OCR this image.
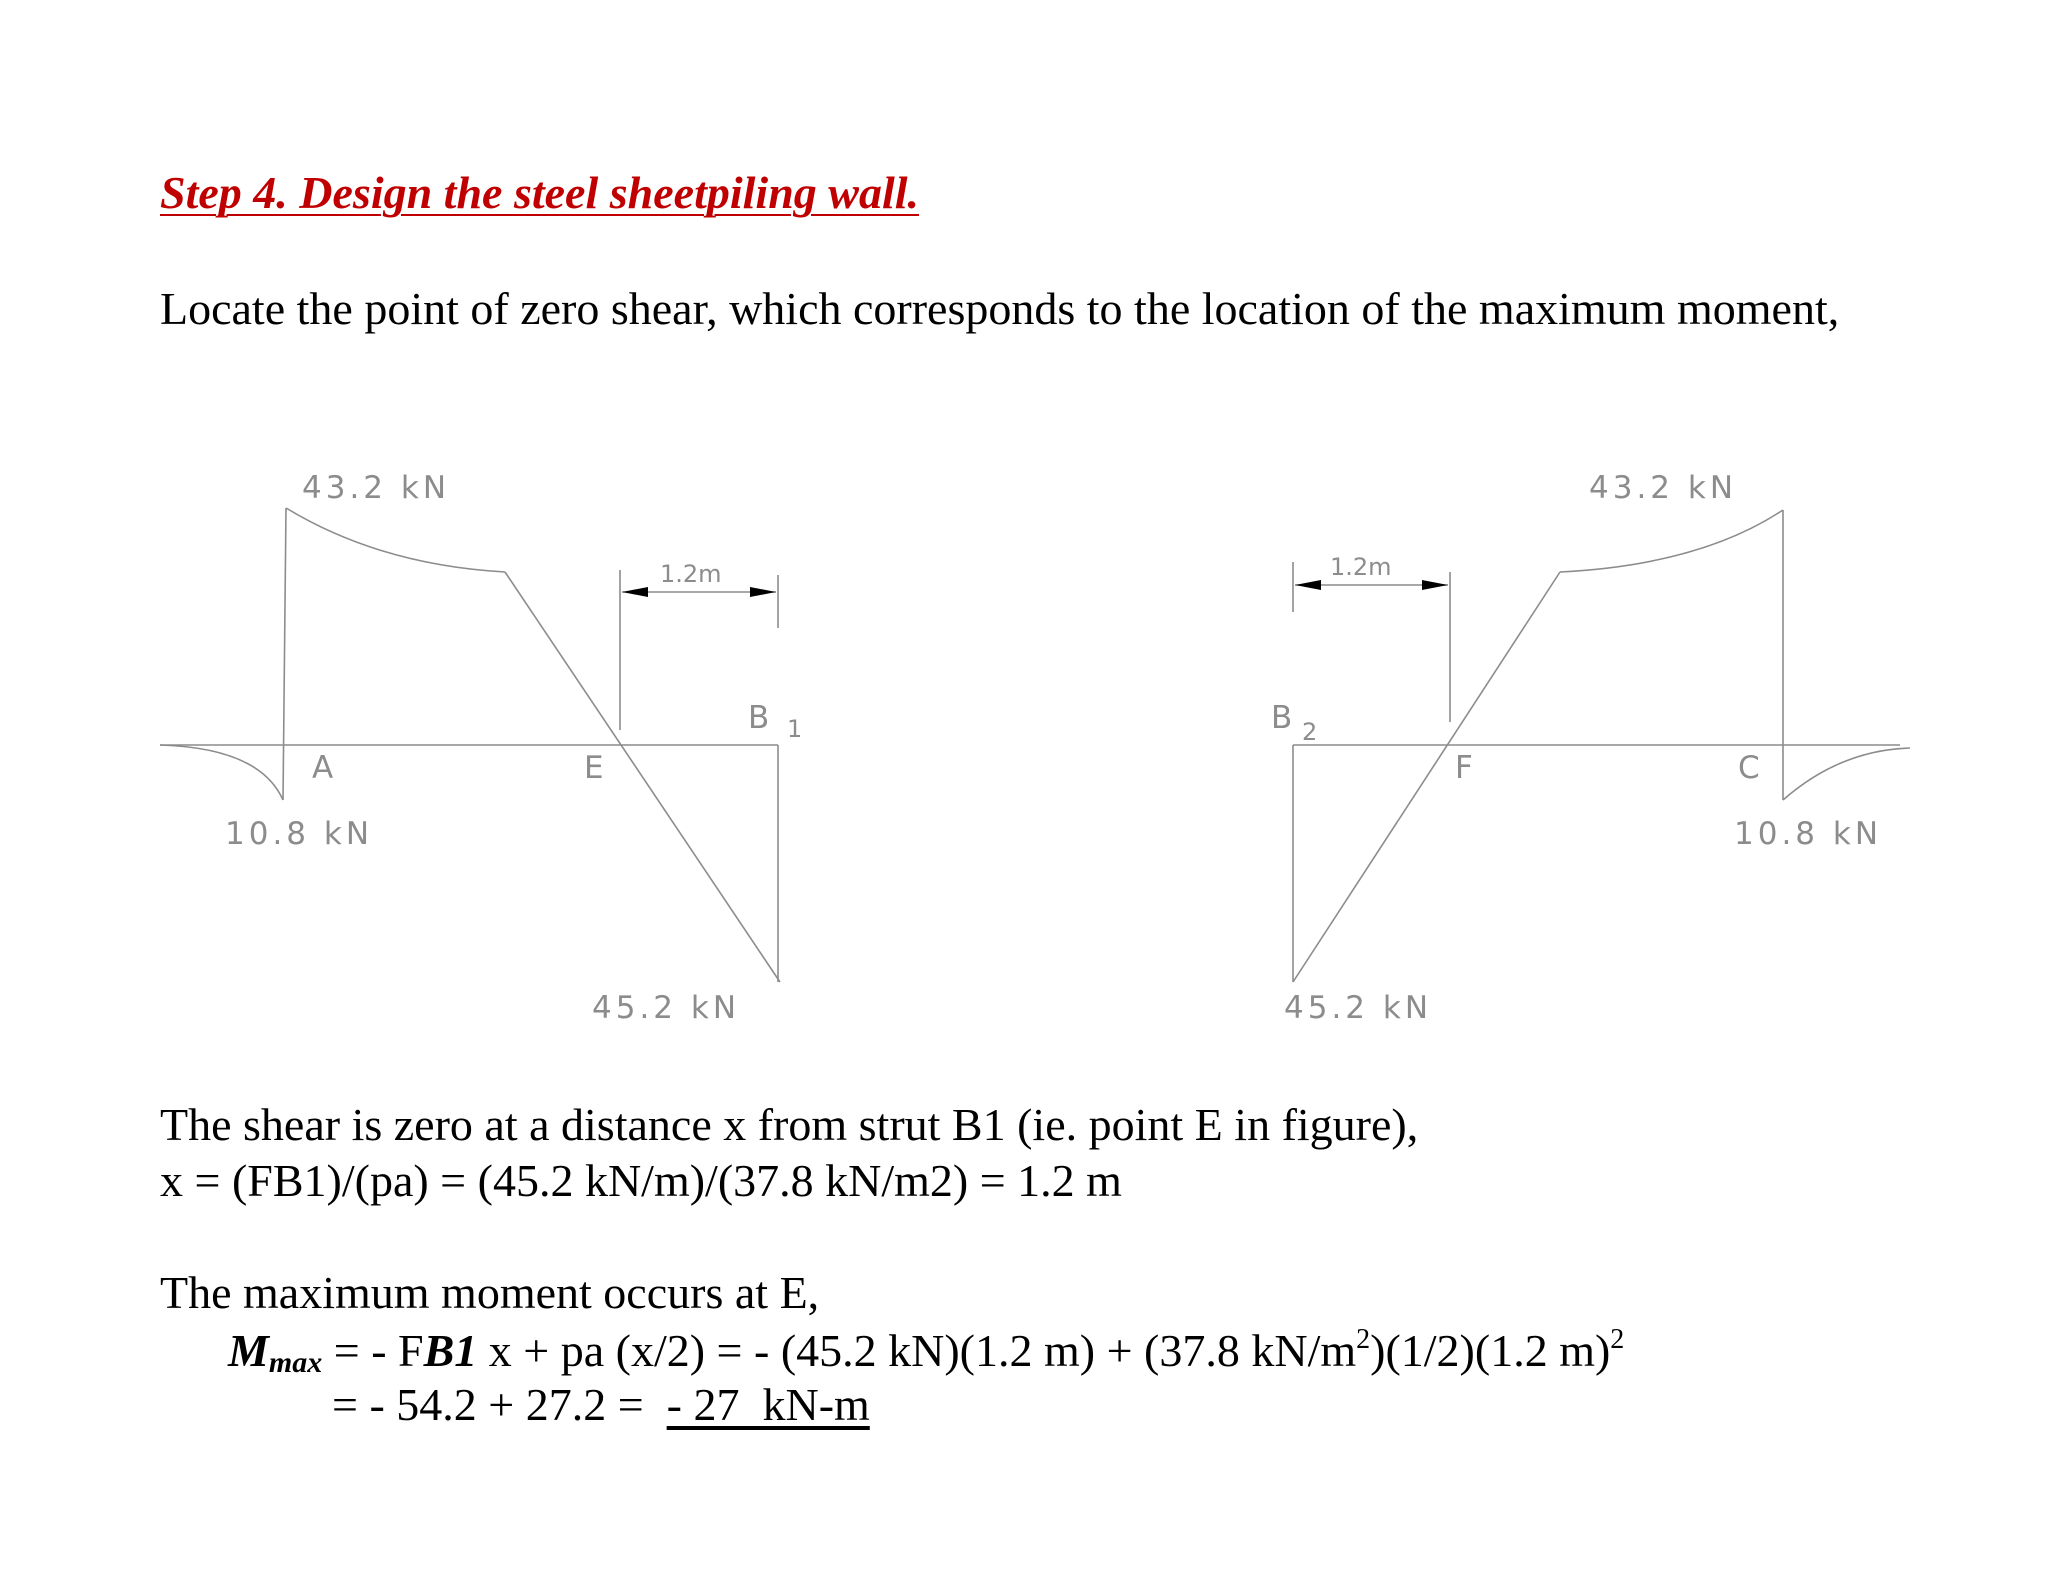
Step 4. Design the steel sheetpiling wall.
Locate the point of zero shear, which corresponds to the location of the maximum moment,
43.2 kN
10.8 kN
45.2 kN
1.2m
A	E
B 1
43.2 kN
10.8 kN
45.2 kN
1.2m
F	C
B 2
The shear is zero at a distance x from strut B1 (ie. point E in figure),
x = (FB1)/(pa) = (45.2 kN/m)/(37.8 kN/m2) = 1.2 m
The maximum moment occurs at E,
$M_{max}$ = - FB1 x + pa (x/2) = - (45.2 kN)(1.2 m) + (37.8 $kN/m^2)(1/2)(1.2$ m)$^2$
= - 54.2 + 27.2 =  - 27  kN-m
